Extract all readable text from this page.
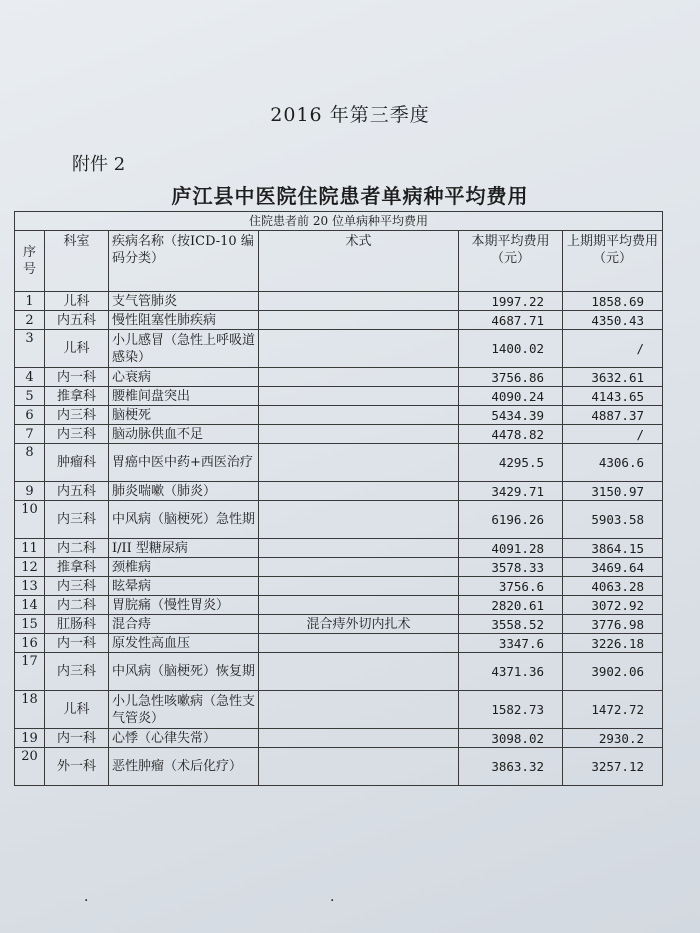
2016 年第三季度
附件 2
庐江县中医院住院患者单病种平均费用
住院患者前 20 位单病种平均费用					
序号	科室	疾病名称（按ICD-10 编码分类）	术式	本期平均费用（元）	上期期平均费用（元）
1	儿科	支气管肺炎		1997.22	1858.69
2	内五科	慢性阻塞性肺疾病		4687.71	4350.43
3	儿科	小儿感冒（急性上呼吸道感染）		1400.02	/
4	内一科	心衰病		3756.86	3632.61
5	推拿科	腰椎间盘突出		4090.24	4143.65
6	内三科	脑梗死		5434.39	4887.37
7	内三科	脑动脉供血不足		4478.82	/
8	肿瘤科	胃癌中医中药+西医治疗		4295.5	4306.6
9	内五科	肺炎喘嗽（肺炎）		3429.71	3150.97
10	内三科	中风病（脑梗死）急性期		6196.26	5903.58
11	内二科	I/II 型糖尿病		4091.28	3864.15
12	推拿科	颈椎病		3578.33	3469.64
13	内三科	眩晕病		3756.6	4063.28
14	内二科	胃脘痛（慢性胃炎）		2820.61	3072.92
15	肛肠科	混合痔	混合痔外切内扎术	3558.52	3776.98
16	内一科	原发性高血压		3347.6	3226.18
17	内三科	中风病（脑梗死）恢复期		4371.36	3902.06
18	儿科	小儿急性咳嗽病（急性支气管炎）		1582.73	1472.72
19	内一科	心悸（心律失常）		3098.02	2930.2
20	外一科	恶性肿瘤（术后化疗）		3863.32	3257.12
·	·
